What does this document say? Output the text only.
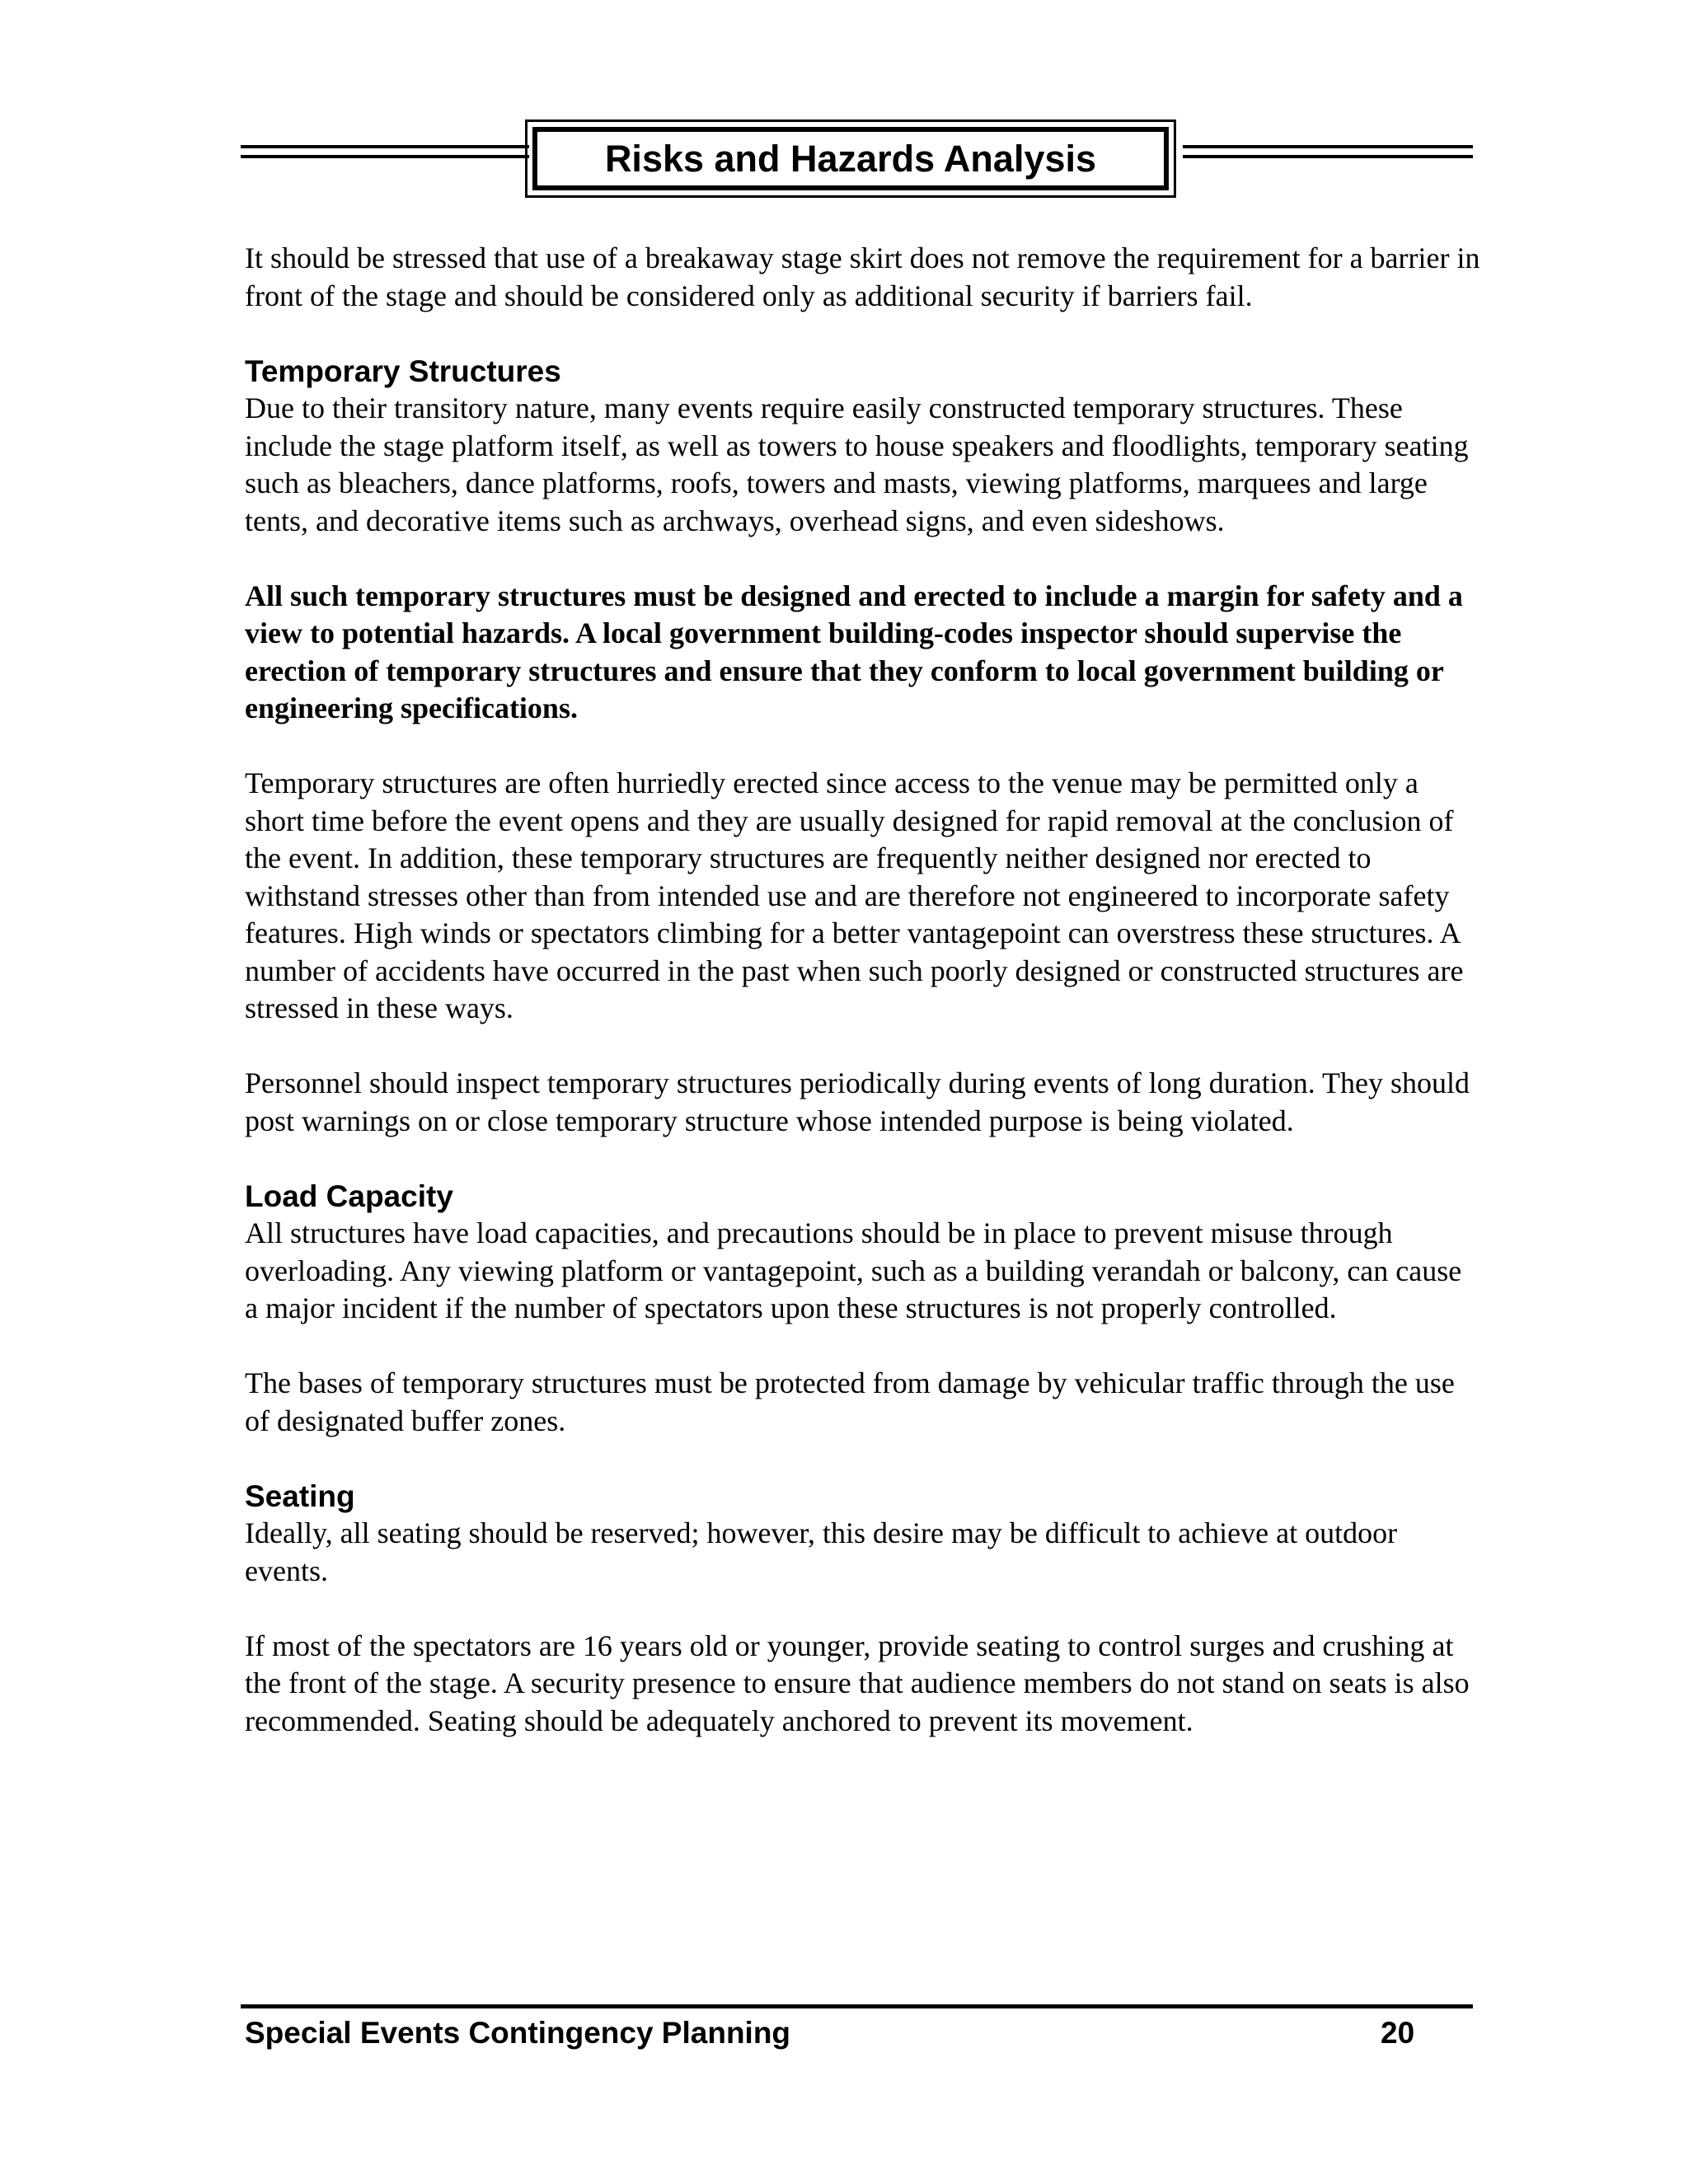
Risks and Hazards Analysis

It should be stressed that use of a breakaway stage skirt does not remove the requirement for a barrier in front of the stage and should be considered only as additional security if barriers fail.

Temporary Structures

Due to their transitory nature, many events require easily constructed temporary structures. These include the stage platform itself, as well as towers to house speakers and floodlights, temporary seating such as bleachers, dance platforms, roofs, towers and masts, viewing platforms, marquees and large tents, and decorative items such as archways, overhead signs, and even sideshows.

All such temporary structures must be designed and erected to include a margin for safety and a view to potential hazards. A local government building-codes inspector should supervise the erection of temporary structures and ensure that they conform to local government building or engineering specifications.

Temporary structures are often hurriedly erected since access to the venue may be permitted only a short time before the event opens and they are usually designed for rapid removal at the conclusion of the event. In addition, these temporary structures are frequently neither designed nor erected to withstand stresses other than from intended use and are therefore not engineered to incorporate safety features. High winds or spectators climbing for a better vantagepoint can overstress these structures. A number of accidents have occurred in the past when such poorly designed or constructed structures are stressed in these ways.

Personnel should inspect temporary structures periodically during events of long duration. They should post warnings on or close temporary structure whose intended purpose is being violated.

Load Capacity

All structures have load capacities, and precautions should be in place to prevent misuse through overloading. Any viewing platform or vantagepoint, such as a building verandah or balcony, can cause a major incident if the number of spectators upon these structures is not properly controlled.

The bases of temporary structures must be protected from damage by vehicular traffic through the use of designated buffer zones.

Seating

Ideally, all seating should be reserved; however, this desire may be difficult to achieve at outdoor events.

If most of the spectators are 16 years old or younger, provide seating to control surges and crushing at the front of the stage. A security presence to ensure that audience members do not stand on seats is also recommended. Seating should be adequately anchored to prevent its movement.

Special Events Contingency Planning	20
